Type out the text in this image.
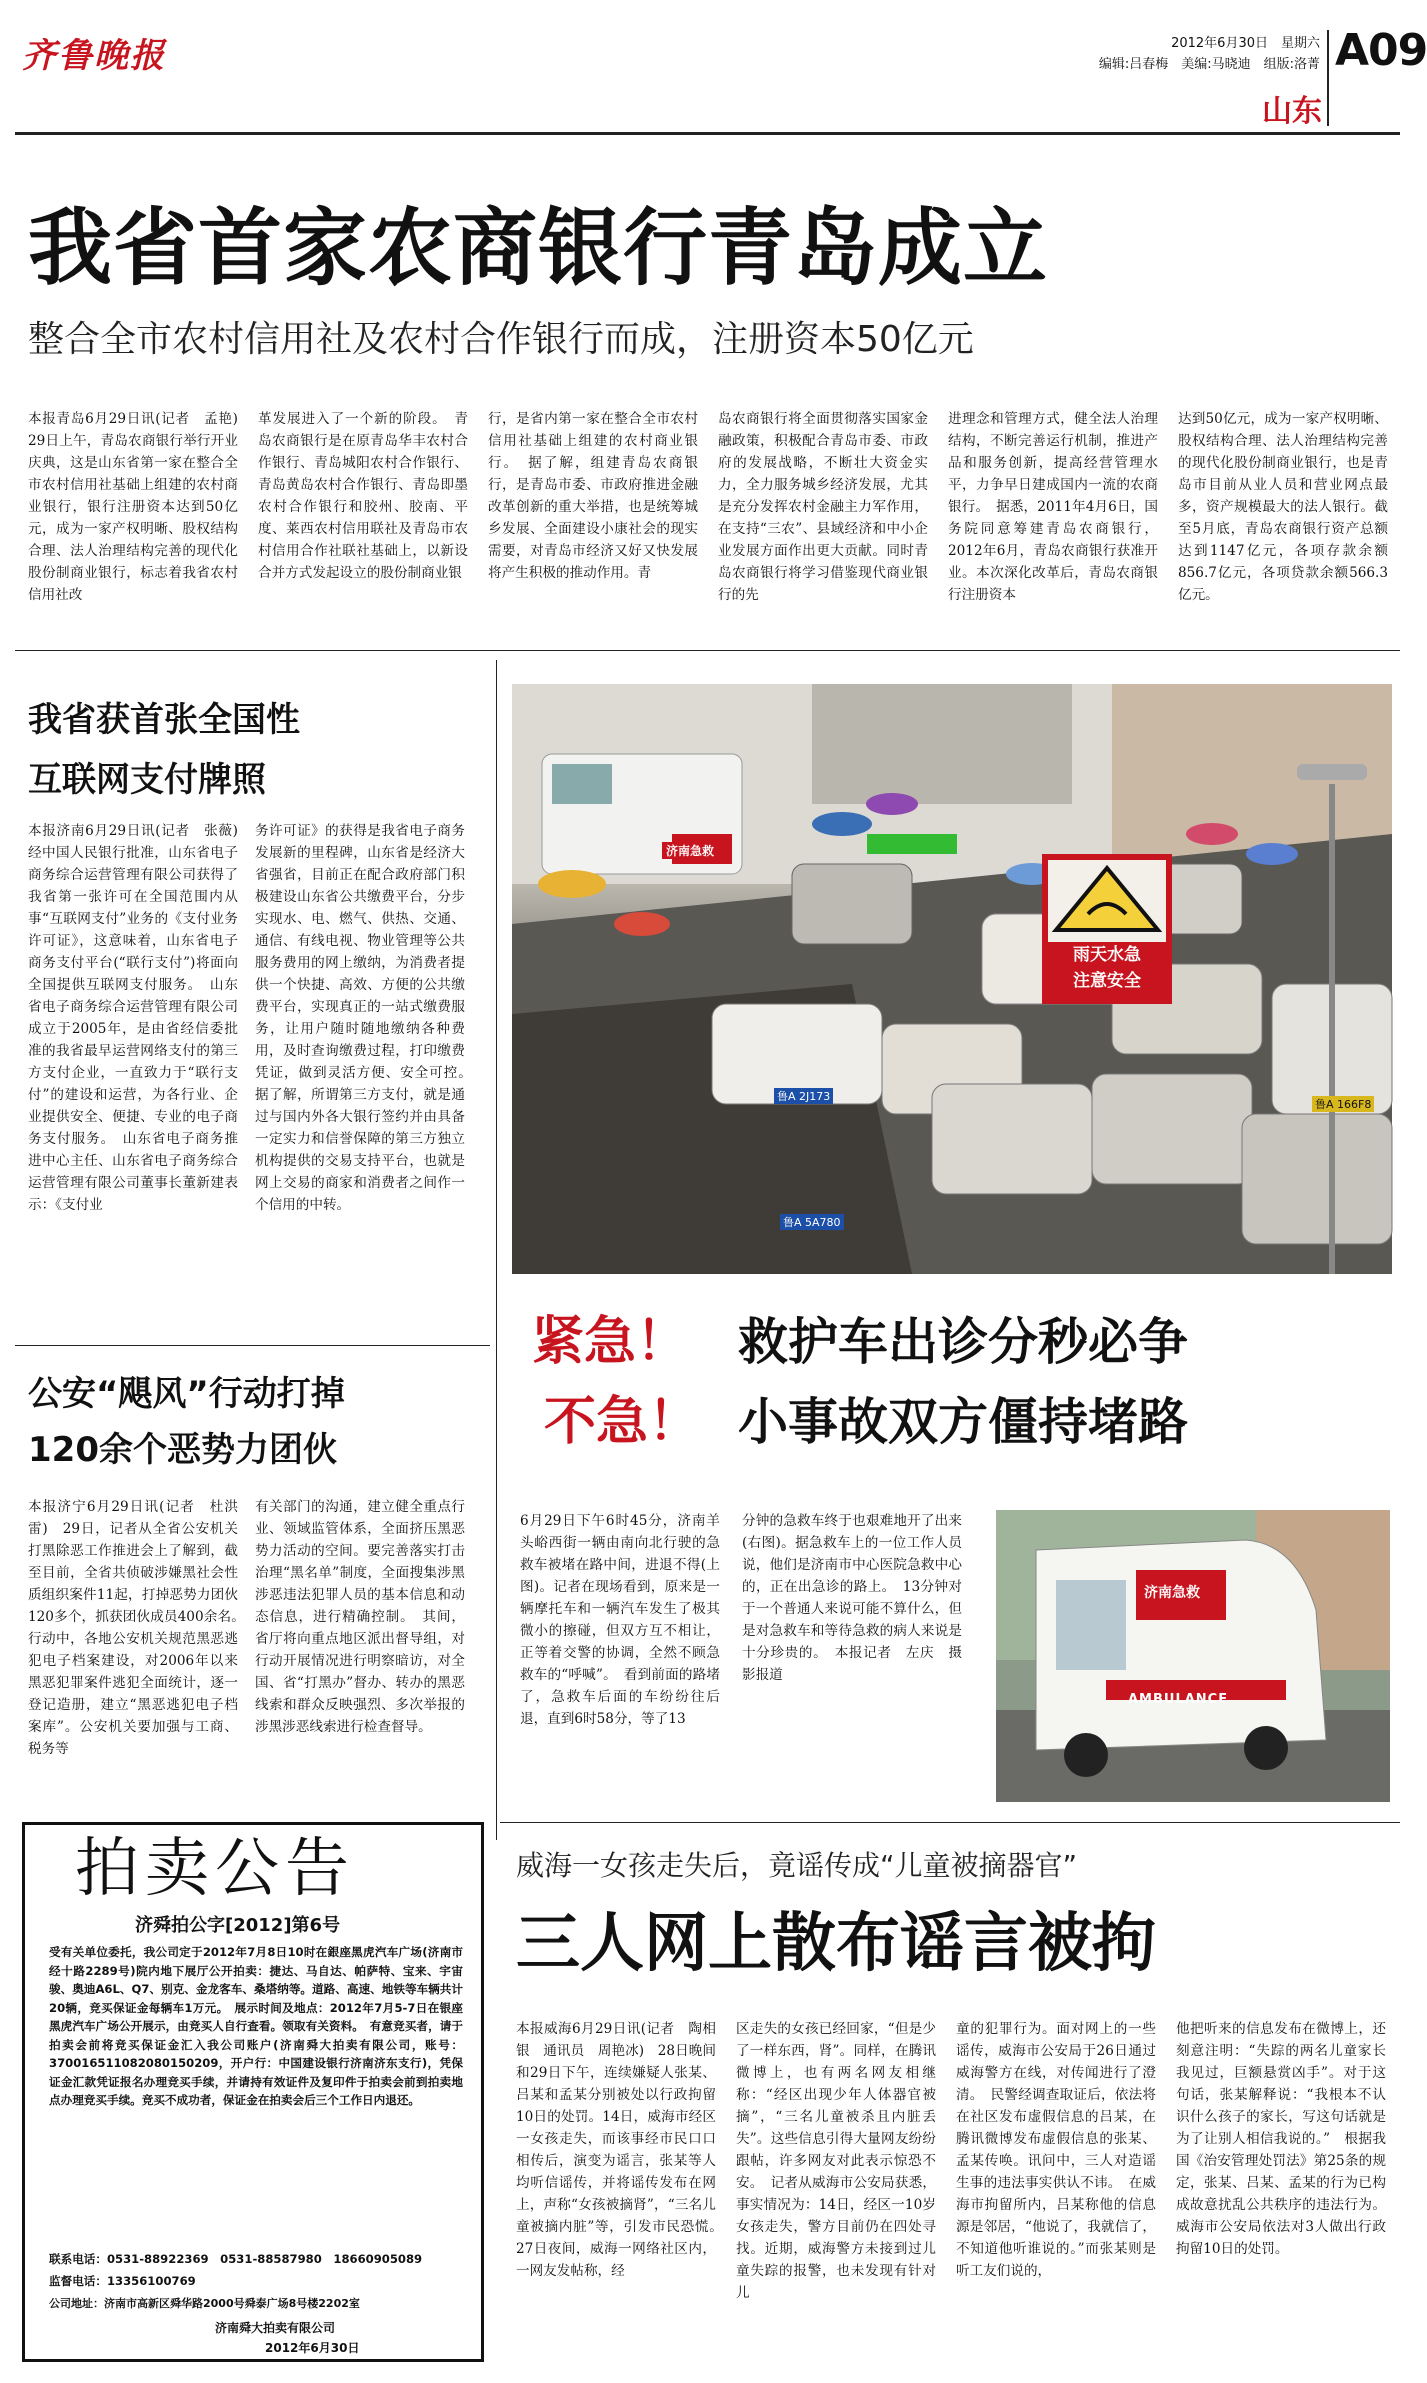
齐鲁晚报	2012年6月30日　星期六
编辑:吕春梅　美编:马晓迪　组版:洛菁 A09
山东
我省首家农商银行青岛成立
整合全市农村信用社及农村合作银行而成，注册资本50亿元
本报青岛6月29日讯(记者　孟艳)　29日上午，青岛农商银行举行开业庆典，这是山东省第一家在整合全市农村信用社基础上组建的农村商业银行，银行注册资本达到50亿元，成为一家产权明晰、股权结构合理、法人治理结构完善的现代化股份制商业银行，标志着我省农村信用社改
革发展进入了一个新的阶段。　青岛农商银行是在原青岛华丰农村合作银行、青岛城阳农村合作银行、青岛黄岛农村合作银行、青岛即墨农村合作银行和胶州、胶南、平度、莱西农村信用联社及青岛市农村信用合作社联社基础上，以新设合并方式发起设立的股份制商业银
行，是省内第一家在整合全市农村信用社基础上组建的农村商业银行。　据了解，组建青岛农商银行，是青岛市委、市政府推进金融改革创新的重大举措，也是统筹城乡发展、全面建设小康社会的现实需要，对青岛市经济又好又快发展将产生积极的推动作用。青
岛农商银行将全面贯彻落实国家金融政策，积极配合青岛市委、市政府的发展战略，不断壮大资金实力，全力服务城乡经济发展，尤其是充分发挥农村金融主力军作用，在支持“三农”、县域经济和中小企业发展方面作出更大贡献。同时青岛农商银行将学习借鉴现代商业银行的先
进理念和管理方式，健全法人治理结构，不断完善运行机制，推进产品和服务创新，提高经营管理水平，力争早日建成国内一流的农商银行。　据悉，2011年4月6日，国务院同意筹建青岛农商银行，2012年6月，青岛农商银行获准开业。本次深化改革后，青岛农商银行注册资本
达到50亿元，成为一家产权明晰、股权结构合理、法人治理结构完善的现代化股份制商业银行，也是青岛市目前从业人员和营业网点最多，资产规模最大的法人银行。截至5月底，青岛农商银行资产总额达到1147亿元，各项存款余额856.7亿元，各项贷款余额566.3亿元。
我省获首张全国性
互联网支付牌照
本报济南6月29日讯(记者　张薇)　经中国人民银行批准，山东省电子商务综合运营管理有限公司获得了我省第一张许可在全国范围内从事“互联网支付”业务的《支付业务许可证》，这意味着，山东省电子商务支付平台(“联行支付”)将面向全国提供互联网支付服务。　山东省电子商务综合运营管理有限公司成立于2005年，是由省经信委批准的我省最早运营网络支付的第三方支付企业，一直致力于“联行支付”的建设和运营，为各行业、企业提供安全、便捷、专业的电子商务支付服务。　山东省电子商务推进中心主任、山东省电子商务综合运营管理有限公司董事长董新建表示：《支付业
务许可证》的获得是我省电子商务发展新的里程碑，山东省是经济大省强省，目前正在配合政府部门积极建设山东省公共缴费平台，分步实现水、电、燃气、供热、交通、通信、有线电视、物业管理等公共服务费用的网上缴纳，为消费者提供一个快捷、高效、方便的公共缴费平台，实现真正的一站式缴费服务，让用户随时随地缴纳各种费用，及时查询缴费过程，打印缴费凭证，做到灵活方便、安全可控。　据了解，所谓第三方支付，就是通过与国内外各大银行签约并由具备一定实力和信誉保障的第三方独立机构提供的交易支持平台，也就是网上交易的商家和消费者之间作一个信用的中转。
公安“飓风”行动打掉
120余个恶势力团伙
本报济宁6月29日讯(记者　杜洪雷)　29日，记者从全省公安机关打黑除恶工作推进会上了解到，截至目前，全省共侦破涉嫌黑社会性质组织案件11起，打掉恶势力团伙120多个，抓获团伙成员400余名。　行动中，各地公安机关规范黑恶逃犯电子档案建设，对2006年以来黑恶犯罪案件逃犯全面统计，逐一登记造册，建立“黑恶逃犯电子档案库”。公安机关要加强与工商、税务等
有关部门的沟通，建立健全重点行业、领域监管体系，全面挤压黑恶势力活动的空间。要完善落实打击治理“黑名单”制度，全面搜集涉黑涉恶违法犯罪人员的基本信息和动态信息，进行精确控制。　其间，省厅将向重点地区派出督导组，对行动开展情况进行明察暗访，对全国、省“打黑办”督办、转办的黑恶线索和群众反映强烈、多次举报的涉黑涉恶线索进行检查督导。
雨天水急
注意安全
济南急救
鲁A 2J173
鲁A 5A780
鲁A 166F8
紧急！
不急！
救护车出诊分秒必争
小事故双方僵持堵路
6月29日下午6时45分，济南羊头峪西街一辆由南向北行驶的急救车被堵在路中间，进退不得(上图)。记者在现场看到，原来是一辆摩托车和一辆汽车发生了极其微小的擦碰，但双方互不相让，正等着交警的协调，全然不顾急救车的“呼喊”。　看到前面的路堵了，急救车后面的车纷纷往后退，直到6时58分，等了13
分钟的急救车终于也艰难地开了出来(右图)。据急救车上的一位工作人员说，他们是济南市中心医院急救中心的，正在出急诊的路上。　13分钟对于一个普通人来说可能不算什么，但是对急救车和等待急救的病人来说是十分珍贵的。　本报记者　左庆　摄影报道
AMBULANCE
济南急救
拍卖公告
济舜拍公字[2012]第6号
受有关单位委托，我公司定于2012年7月8日10时在銀座黑虎汽车广场(济南市经十路2289号)院内地下展厅公开拍卖：捷达、马自达、帕萨特、宝来、宇宙骏、奥迪A6L、Q7、别克、金龙客车、桑塔纳等。道路、高速、地铁等车辆共计20辆，竞买保证金每辆车1万元。　展示时间及地点：2012年7月5-7日在银座黑虎汽车广场公开展示，由竞买人自行查看。领取有关资料。　有意竞买者，请于拍卖会前将竞买保证金汇入我公司账户(济南舜大拍卖有限公司，账号：370016511082080150209，开户行：中国建设银行济南济东支行)，凭保证金汇款凭证报名办理竞买手续，并请持有效证件及复印件于拍卖会前到拍卖地点办理竞买手续。竞买不成功者，保证金在拍卖会后三个工作日内退还。
联系电话：0531-88922369　0531-88587980　18660905089
监督电话：13356100769
公司地址：济南市高新区舜华路2000号舜泰广场8号楼2202室
济南舜大拍卖有限公司
2012年6月30日
威海一女孩走失后，竟谣传成“儿童被摘器官”
三人网上散布谣言被拘
本报威海6月29日讯(记者　陶相银　通讯员　周艳冰)　28日晚间和29日下午，连续嫌疑人张某、吕某和孟某分别被处以行政拘留10日的处罚。14日，威海市经区一女孩走失，而该事经市民口口相传后，演变为谣言，张某等人均听信谣传，并将谣传发布在网上，声称“女孩被摘肾”，“三名儿童被摘内脏”等，引发市民恐慌。　27日夜间，威海一网络社区内，一网友发帖称，经
区走失的女孩已经回家，“但是少了一样东西，肾”。同样，在腾讯微博上，也有两名网友相继称：“经区出现少年人体器官被摘”，“三名儿童被杀且内脏丢失”。这些信息引得大量网友纷纷跟帖，许多网友对此表示惊恐不安。　记者从威海市公安局获悉，事实情况为：14日，经区一10岁女孩走失，警方目前仍在四处寻找。近期，威海警方未接到过儿童失踪的报警，也未发现有针对儿
童的犯罪行为。面对网上的一些谣传，威海市公安局于26日通过威海警方在线，对传闻进行了澄清。　民警经调查取证后，依法将在社区发布虚假信息的吕某，在腾讯微博发布虚假信息的张某、孟某传唤。讯问中，三人对造谣生事的违法事实供认不讳。　在威海市拘留所内，吕某称他的信息源是邻居，“他说了，我就信了，不知道他听谁说的。”而张某则是听工友们说的，
他把听来的信息发布在微博上，还刻意注明：“失踪的两名儿童家长我见过，巨额悬赏凶手”。对于这句话，张某解释说：“我根本不认识什么孩子的家长，写这句话就是为了让别人相信我说的。”　根据我国《治安管理处罚法》第25条的规定，张某、吕某、孟某的行为已构成故意扰乱公共秩序的违法行为。威海市公安局依法对3人做出行政拘留10日的处罚。
